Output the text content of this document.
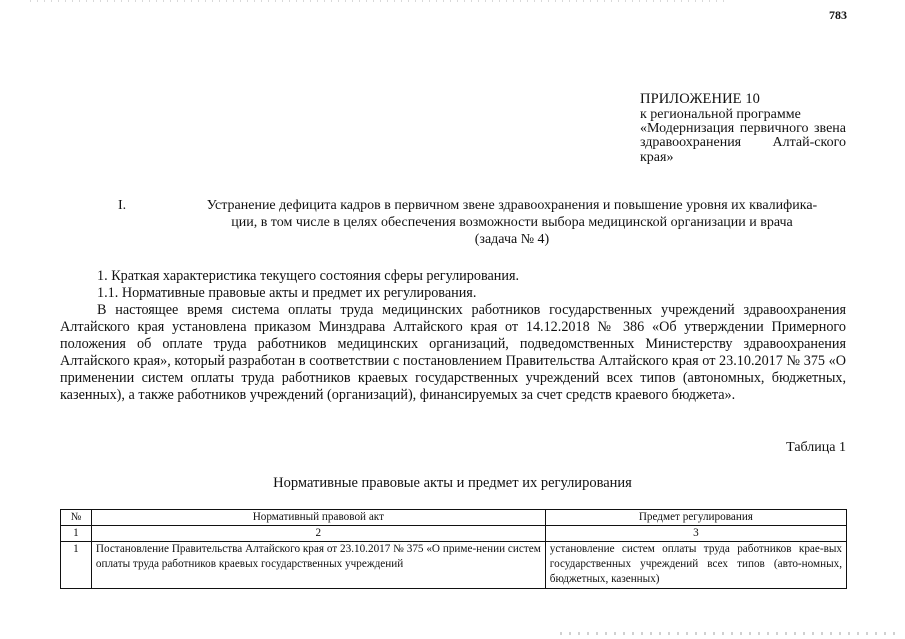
783
ПРИЛОЖЕНИЕ 10
к региональной программе
«Модернизация первичного звена здравоохранения Алтай-ского края»
I.	Устранение дефицита кадров в первичном звене здравоохранения и повышение уровня их квалифика-
ции, в том числе в целях обеспечения возможности выбора медицинской организации и врача
(задача № 4)

1. Краткая характеристика текущего состояния сферы регулирования.

1.1. Нормативные правовые акты и предмет их регулирования.

В настоящее время система оплаты труда медицинских работников государственных учреждений здравоохранения Алтайского края установлена приказом Минздрава Алтайского края от 14.12.2018 № 386 «Об утверждении Примерного положения об оплате труда работников медицинских организаций, подведомственных Министерству здравоохранения Алтайского края», который разработан в соответствии с постановлением Правительства Алтайского края от 23.10.2017 № 375 «О применении систем оплаты труда работников краевых государственных учреждений всех типов (автономных, бюджетных, казенных), а также работников учреждений (организаций), финансируемых за счет средств краевого бюджета».

Таблица 1
Нормативные правовые акты и предмет их регулирования
№	Нормативный правовой акт	Предмет регулирования
1	2	3
1	Постановление Правительства Алтайского края от 23.10.2017 № 375 «О приме-нении систем оплаты труда работников краевых государственных учреждений	установление систем оплаты труда работников крае-вых государственных учреждений всех типов (авто-номных, бюджетных, казенных)
